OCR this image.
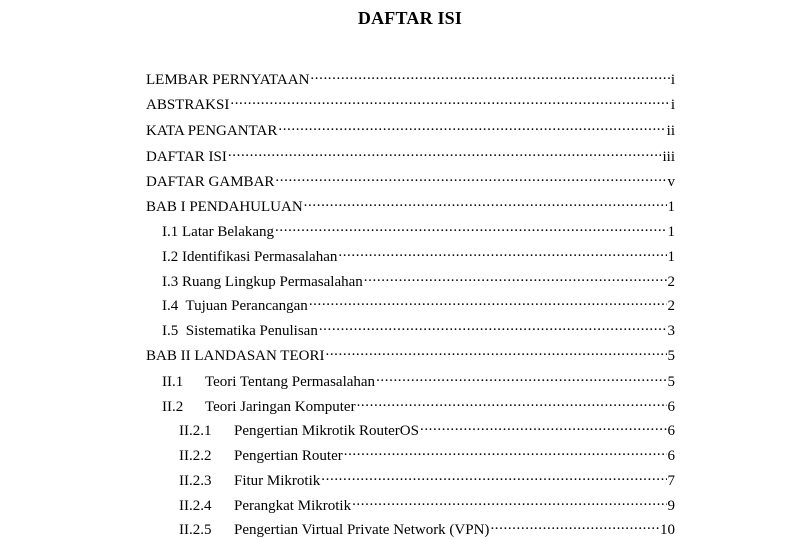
DAFTAR ISI
LEMBAR PERNYATAAN .....	i
ABSTRAKSI .....	i
KATA PENGANTAR .....	ii
DAFTAR ISI .....	iii
DAFTAR GAMBAR .....	v
BAB I PENDAHULUAN .....	1
I.1 Latar Belakang .....	1
I.2 Identifikasi Permasalahan .....	1
I.3 Ruang Lingkup Permasalahan .....	2
I.4  Tujuan Perancangan .....	2
I.5  Sistematika Penulisan .....	3
BAB II LANDASAN TEORI .....	5
II.1	Teori Tentang Permasalahan .....	5
II.2	Teori Jaringan Komputer .....	6
II.2.1	Pengertian Mikrotik RouterOS .....	6
II.2.2	Pengertian Router .....	6
II.2.3	Fitur Mikrotik .....	7
II.2.4	Perangkat Mikrotik .....	9
II.2.5	Pengertian Virtual Private Network (VPN) .....	10
